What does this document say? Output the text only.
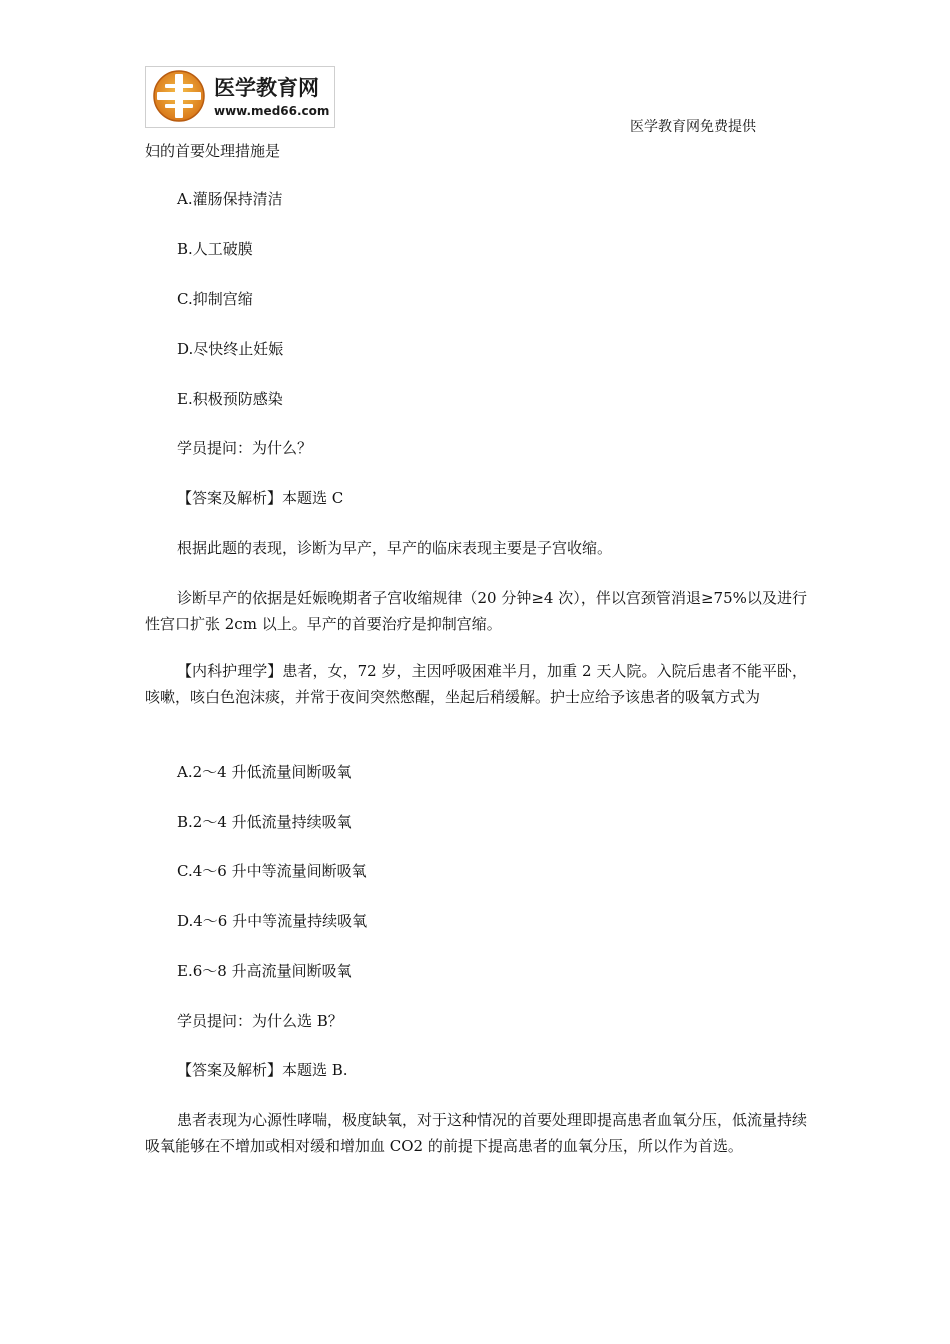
医学教育网
www.med66.com
医学教育网免费提供

妇的首要处理措施是

A.灌肠保持清洁
B.人工破膜
C.抑制宫缩
D.尽快终止妊娠
E.积极预防感染
学员提问：为什么？
【答案及解析】本题选 C

根据此题的表现，诊断为早产，早产的临床表现主要是子宫收缩。

诊断早产的依据是妊娠晚期者子宫收缩规律（20 分钟≥4 次），伴以宫颈管消退≥75%以及进行性宫口扩张 2cm 以上。早产的首要治疗是抑制宫缩。

【内科护理学】患者，女，72 岁，主因呼吸困难半月，加重 2 天人院。入院后患者不能平卧，咳嗽，咳白色泡沫痰，并常于夜间突然憋醒，坐起后稍缓解。护士应给予该患者的吸氧方式为

A.2～4 升低流量间断吸氧
B.2～4 升低流量持续吸氧
C.4～6 升中等流量间断吸氧
D.4～6 升中等流量持续吸氧
E.6～8 升高流量间断吸氧
学员提问：为什么选 B？
【答案及解析】本题选 B.

患者表现为心源性哮喘，极度缺氧，对于这种情况的首要处理即提高患者血氧分压，低流量持续吸氧能够在不增加或相对缓和增加血 CO2 的前提下提高患者的血氧分压，所以作为首选。
